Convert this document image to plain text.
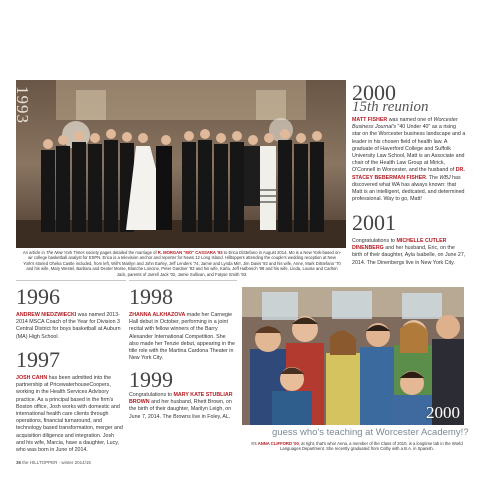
1993
An article in The New York Times society pages detailed the marriage of R. MORGAN "MO" CASSARA '93 to Erica DiStefano in August 2014. Mo is a New York-based on-air college basketball analyst for ESPN. Erica is a television anchor and reporter for News 12 Long Island. Hilltoppers attending the couple's wedding reception at New York's storied Oheka Castle included, from left, Will's Marilyn and John Earley, Jeff Lenders '74, Jamie and Lynda Mirr, Jim Davis '92 and his wife, Anne, Mark DiStefano '70 and his wife, Mary Westel, Barbara and Dexter Morse, Blanche Loncine, Peter Gardner '93 and his wife, Karla, Jeff Halbreich '98 and his wife, Linda, Louise and Carlton Jack, parents of Jarrell Jack '02, Jamie Sullivan, and Fatyse Smith '93.
2000
15th reunion
MATT FISHER was named one of Worcester Business Journal's "40 Under 40" as a rising star on the Worcester business landscape and a leader in his chosen field of health law. A graduate of Haverford College and Suffolk University Law School, Matt is an Associate and chair of the Health Law Group at Mirick, O'Connell in Worcester, and the husband of DR. STACEY BEBERMAN FISHER. The WBJ has discovered what WA has always known: that Matt is an intelligent, dedicated, and determined professional. Way to go, Matt!
2001
Congratulations to MICHELLE CUTLER DINENBERG and her husband, Eric, on the birth of their daughter, Ayla Isabelle, on June 27, 2014. The Dinenbergs live in New York City.
1996
ANDREW NIEDZWIECKI was named 2013-2014 MSCA Coach of the Year for Division 3 Central District for boys basketball at Auburn (MA) High School.
1997
JOSH CAHN has been admitted into the partnership at PricewaterhouseCoopers, working in the Health Services Advisory practice. As a principal based in the firm's Boston office, Josh works with domestic and international health care clients through operations, financial turnaround, and technology based transformation, merger and acquisition diligence and integration. Josh and his wife, Marcia, have a daughter, Lucy, who was born in June of 2014.
1998
ZHANNA ALKHAZOVA made her Carnegie Hall debut in October, performing in a joint recital with fellow winners of the Barry Alexander International Competition. She also made her Tenzie debut, appearing in the title role with the Martina Cardona Theater in New York City.
1999
Congratulations to MARY KATE STUBLIAR BROWN and her husband, Rhett Brown, on the birth of their daughter, Marilyn Leigh, on June 7, 2014. The Browns live in Foley, AL.	2000
guess who's teaching at Worcester Academy!?
It's ANNA CLIFFORD '00, at right, that's who! Anna, a member of the Class of 2010, is a longtime tab in the World Languages Department. She recently graduated from Colby with a B.A. in Spanish.
36 the HILLTOPPER · winter 2014/15
